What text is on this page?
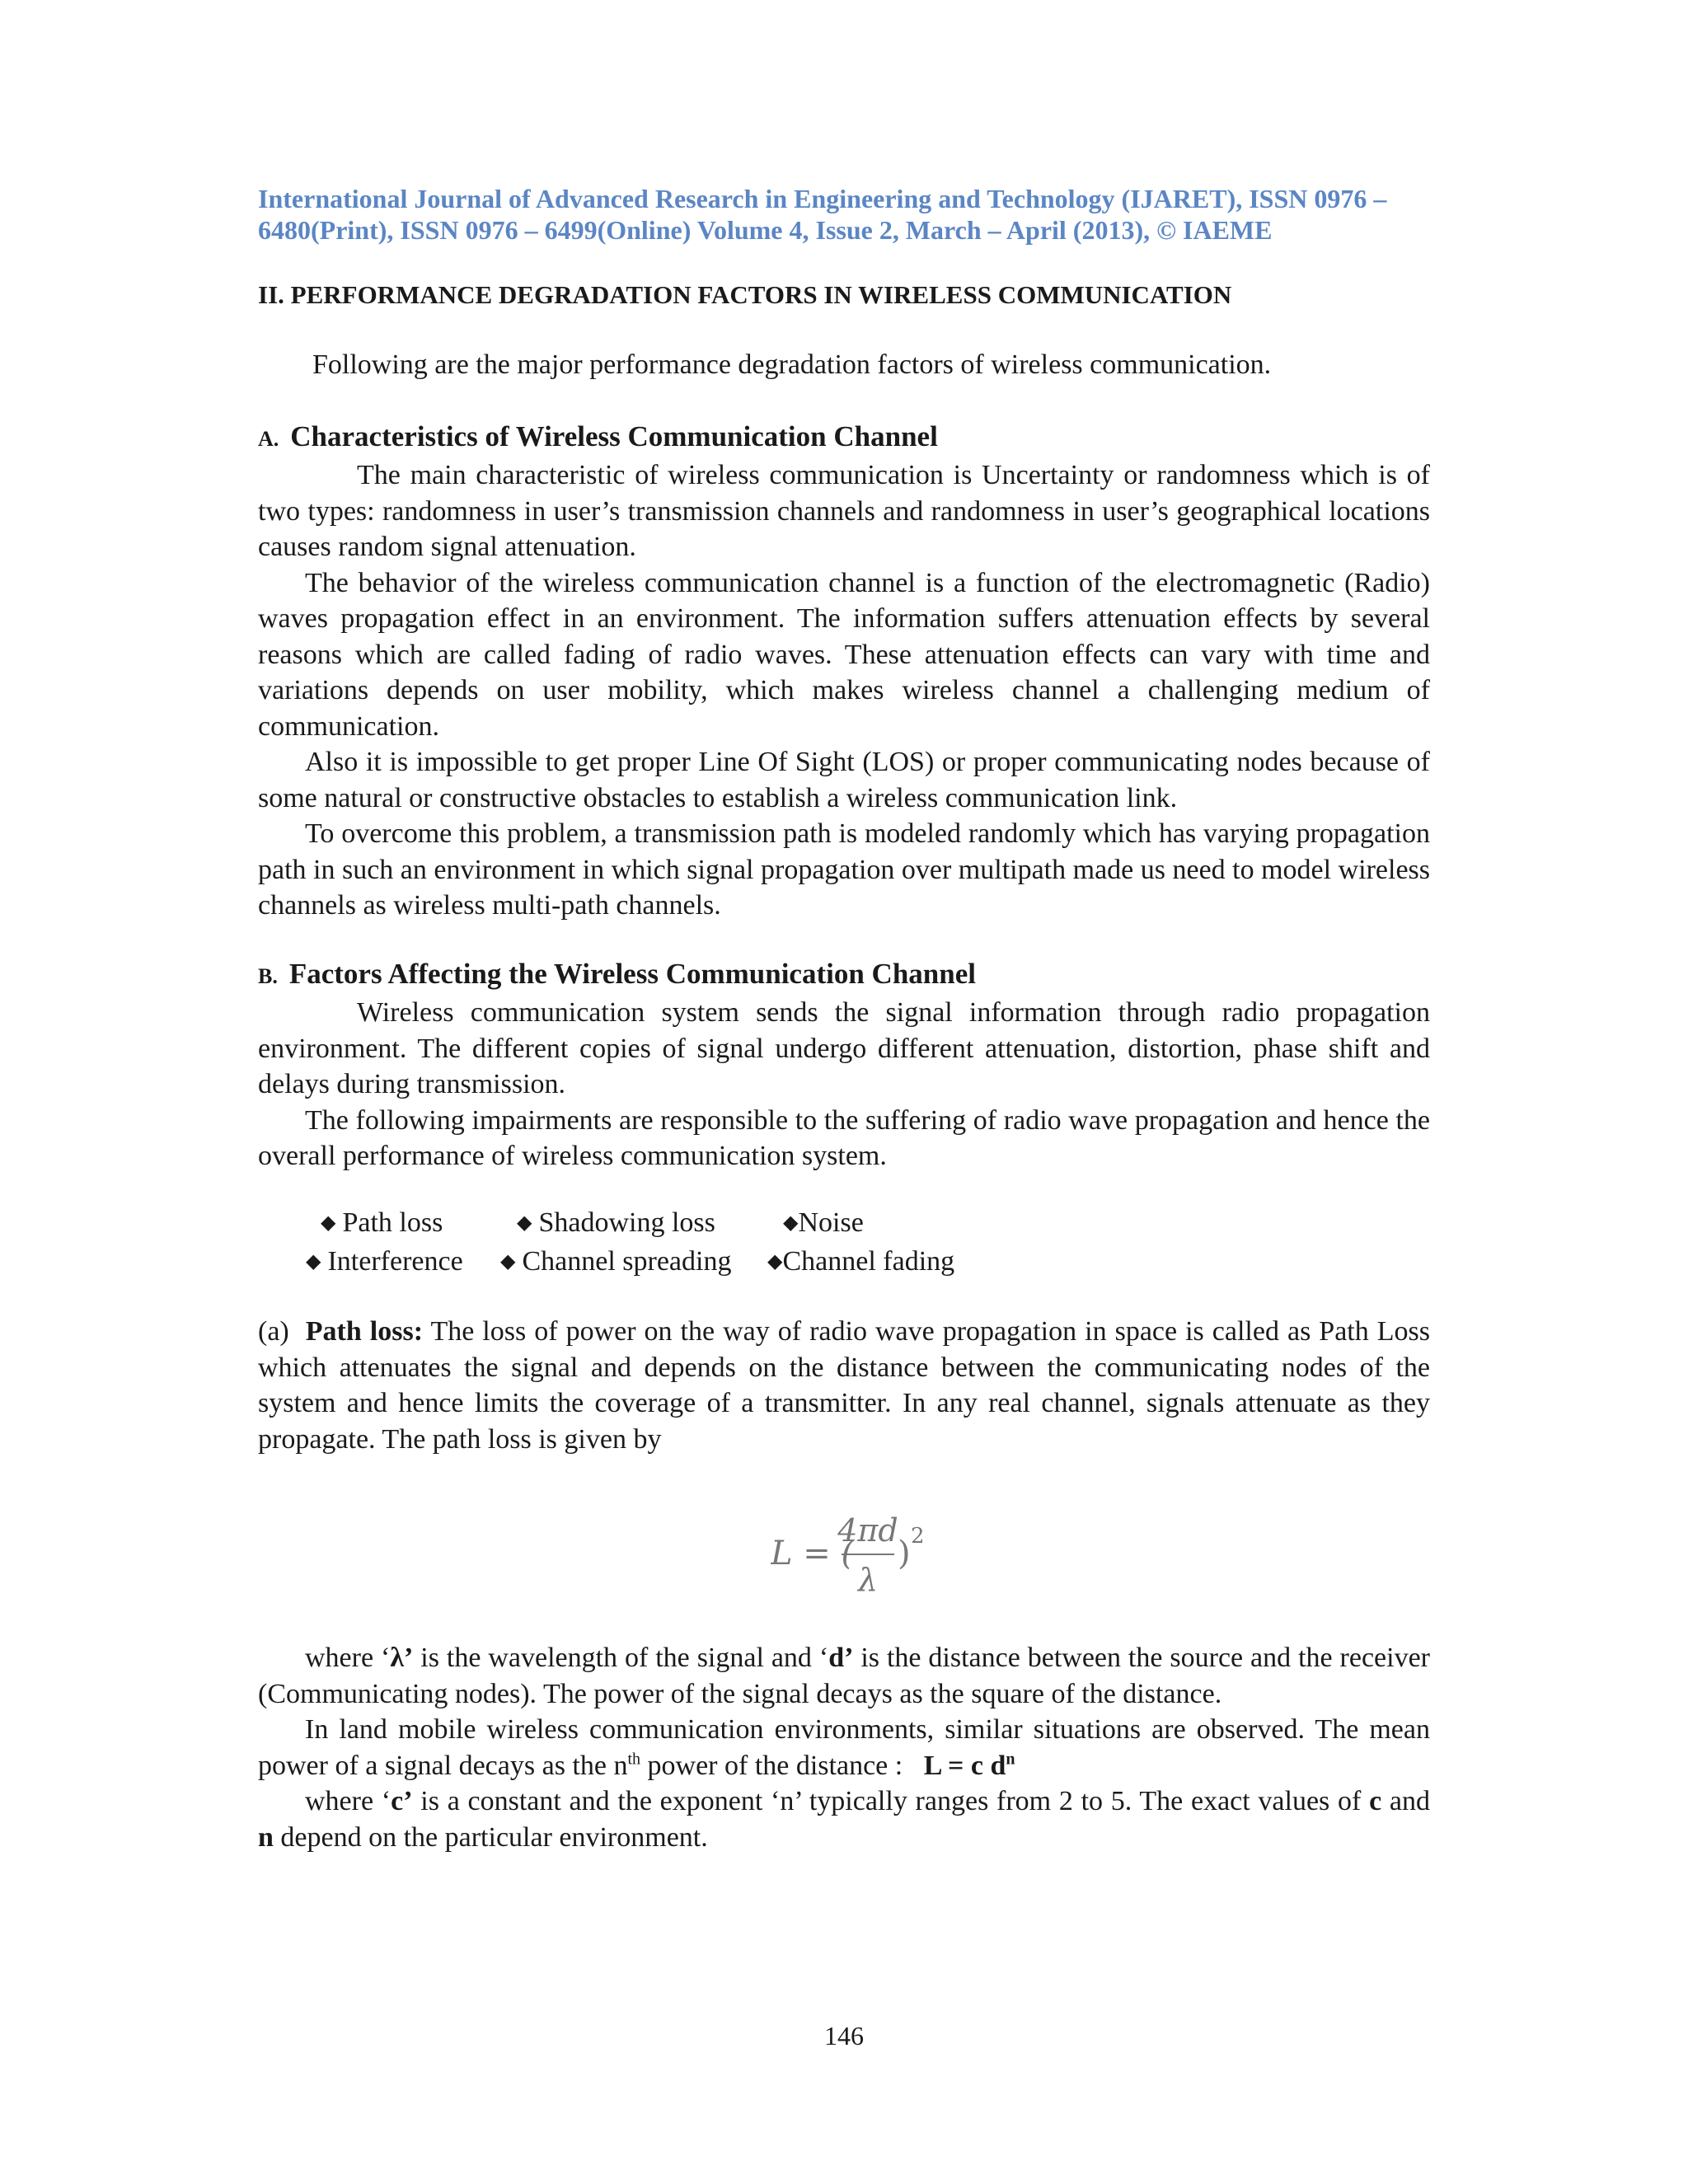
International Journal of Advanced Research in Engineering and Technology (IJARET), ISSN 0976 –
6480(Print), ISSN 0976 – 6499(Online) Volume 4, Issue 2, March – April (2013), © IAEME
II. PERFORMANCE DEGRADATION FACTORS IN WIRELESS COMMUNICATION
Following are the major performance degradation factors of wireless communication.

A. Characteristics of Wireless Communication Channel

The main characteristic of wireless communication is Uncertainty or randomness which is of two types: randomness in user’s transmission channels and randomness in user’s geographical locations causes random signal attenuation.

The behavior of the wireless communication channel is a function of the electromagnetic (Radio) waves propagation effect in an environment. The information suffers attenuation effects by several reasons which are called fading of radio waves. These attenuation effects can vary with time and variations depends on user mobility, which makes wireless channel a challenging medium of communication.

Also it is impossible to get proper Line Of Sight (LOS) or proper communicating nodes because of some natural or constructive obstacles to establish a wireless communication link.

To overcome this problem, a transmission path is modeled randomly which has varying propagation path in such an environment in which signal propagation over multipath made us need to model wireless channels as wireless multi-path channels.

B. Factors Affecting the Wireless Communication Channel

Wireless communication system sends the signal information through radio propagation environment. The different copies of signal undergo different attenuation, distortion, phase shift and delays during transmission.

The following impairments are responsible to the suffering of radio wave propagation and hence the overall performance of wireless communication system.

◆ Path loss	◆ Shadowing loss	◆Noise
◆ Interference	◆ Channel spreading	◆Channel fading

(a) Path loss: The loss of power on the way of radio wave propagation in space is called as Path Loss which attenuates the signal and depends on the distance between the communicating nodes of the system and hence limits the coverage of a transmitter. In any real channel, signals attenuate as they propagate. The path loss is given by

L = (
4πd
λ
) 2

where ‘λ’ is the wavelength of the signal and ‘d’ is the distance between the source and the receiver (Communicating nodes). The power of the signal decays as the square of the distance.

In land mobile wireless communication environments, similar situations are observed. The mean power of a signal decays as the $n^{th}$ power of the distance : L = c $d^n$

where ‘c’ is a constant and the exponent ‘n’ typically ranges from 2 to 5. The exact values of c and n depend on the particular environment.

146
